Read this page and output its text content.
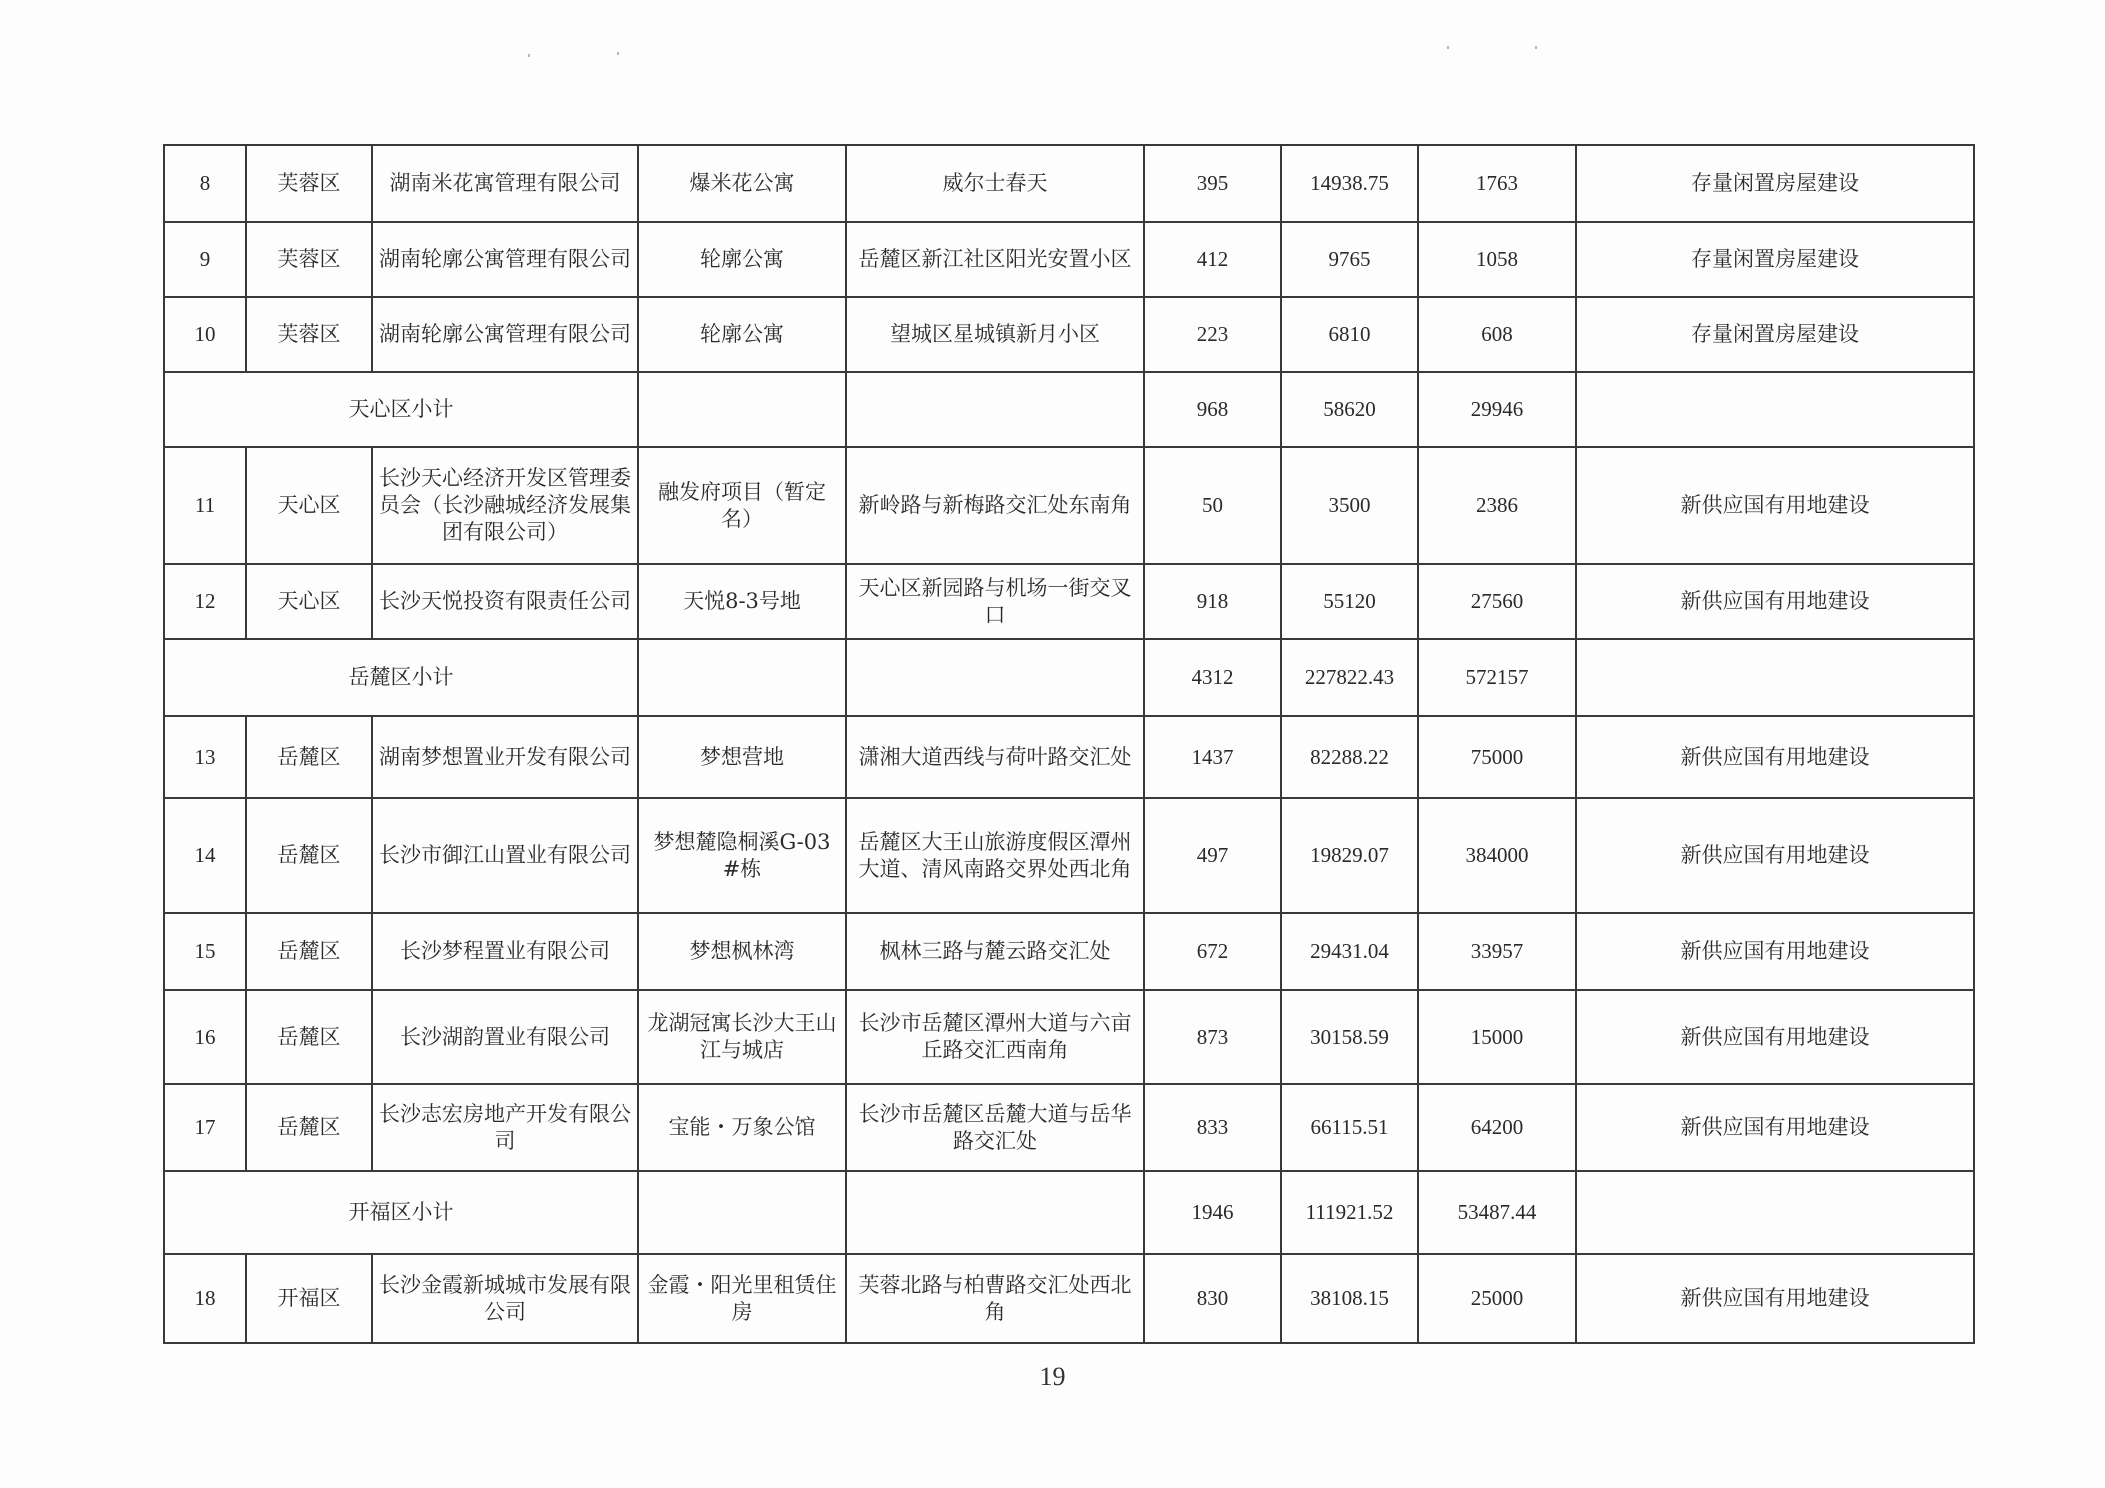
8	芙蓉区	湖南米花寓管理有限公司	爆米花公寓	威尔士春天	395	14938.75	1763	存量闲置房屋建设
9	芙蓉区	湖南轮廓公寓管理有限公司	轮廓公寓	岳麓区新江社区阳光安置小区	412	9765	1058	存量闲置房屋建设
10	芙蓉区	湖南轮廓公寓管理有限公司	轮廓公寓	望城区星城镇新月小区	223	6810	608	存量闲置房屋建设
天心区小计					968	58620	29946	
11	天心区	长沙天心经济开发区管理委员会（长沙融城经济发展集团有限公司）	融发府项目（暂定名）	新岭路与新梅路交汇处东南角	50	3500	2386	新供应国有用地建设
12	天心区	长沙天悦投资有限责任公司	天悦8-3号地	天心区新园路与机场一街交叉口	918	55120	27560	新供应国有用地建设
岳麓区小计					4312	227822.43	572157	
13	岳麓区	湖南梦想置业开发有限公司	梦想营地	潇湘大道西线与荷叶路交汇处	1437	82288.22	75000	新供应国有用地建设
14	岳麓区	长沙市御江山置业有限公司	梦想麓隐桐溪G-03#栋	岳麓区大王山旅游度假区潭州大道、清风南路交界处西北角	497	19829.07	384000	新供应国有用地建设
15	岳麓区	长沙梦程置业有限公司	梦想枫林湾	枫林三路与麓云路交汇处	672	29431.04	33957	新供应国有用地建设
16	岳麓区	长沙湖韵置业有限公司	龙湖冠寓长沙大王山江与城店	长沙市岳麓区潭州大道与六亩丘路交汇西南角	873	30158.59	15000	新供应国有用地建设
17	岳麓区	长沙志宏房地产开发有限公司	宝能・万象公馆	长沙市岳麓区岳麓大道与岳华路交汇处	833	66115.51	64200	新供应国有用地建设
开福区小计					1946	111921.52	53487.44	
18	开福区	长沙金霞新城城市发展有限公司	金霞・阳光里租赁住房	芙蓉北路与柏曹路交汇处西北角	830	38108.15	25000	新供应国有用地建设
19
